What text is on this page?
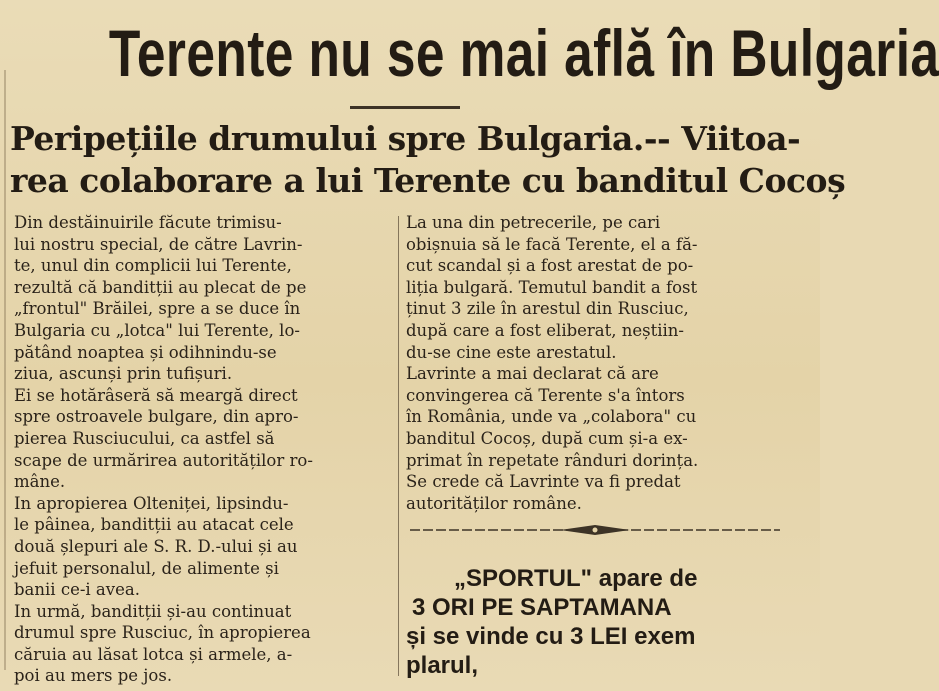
Terente nu se mai află în Bulgaria
Peripețiile drumului spre Bulgaria.-- Viitoa-
rea colaborare a lui Terente cu banditul Cocoș

Din destăinuirile făcute trimisu-

lui nostru special, de către Lavrin-

te, unul din complicii lui Terente,

rezultă că banditții au plecat de pe

„frontul" Brăilei, spre a se duce în

Bulgaria cu „lotca" lui Terente, lo-

pătând noaptea și odihnindu-se

ziua, ascunși prin tufișuri.

Ei se hotărâseră să meargă direct

spre ostroavele bulgare, din apro-

pierea Rusciucului, ca astfel să

scape de urmărirea autorităților ro-

mâne.

In apropierea Olteniței, lipsindu-

le pâinea, banditții au atacat cele

două șlepuri ale S. R. D.-ului și au

jefuit personalul, de alimente și

banii ce-i avea.

In urmă, banditții și-au continuat

drumul spre Rusciuc, în apropierea

căruia au lăsat lotca și armele, a-

poi au mers pe jos.

La una din petrecerile, pe cari

obișnuia să le facă Terente, el a fă-

cut scandal și a fost arestat de po-

liția bulgară. Temutul bandit a fost

ținut 3 zile în arestul din Rusciuc,

după care a fost eliberat, neștiin-

du-se cine este arestatul.

Lavrinte a mai declarat că are

convingerea că Terente s'a întors

în România, unde va „colabora" cu

banditul Cocoș, după cum și-a ex-

primat în repetate rânduri dorința.

Se crede că Lavrinte va fi predat

autorităților române.

„SPORTUL" apare de

3 ORI PE SAPTAMANA

și se vinde cu 3 LEI exem

plarul,
